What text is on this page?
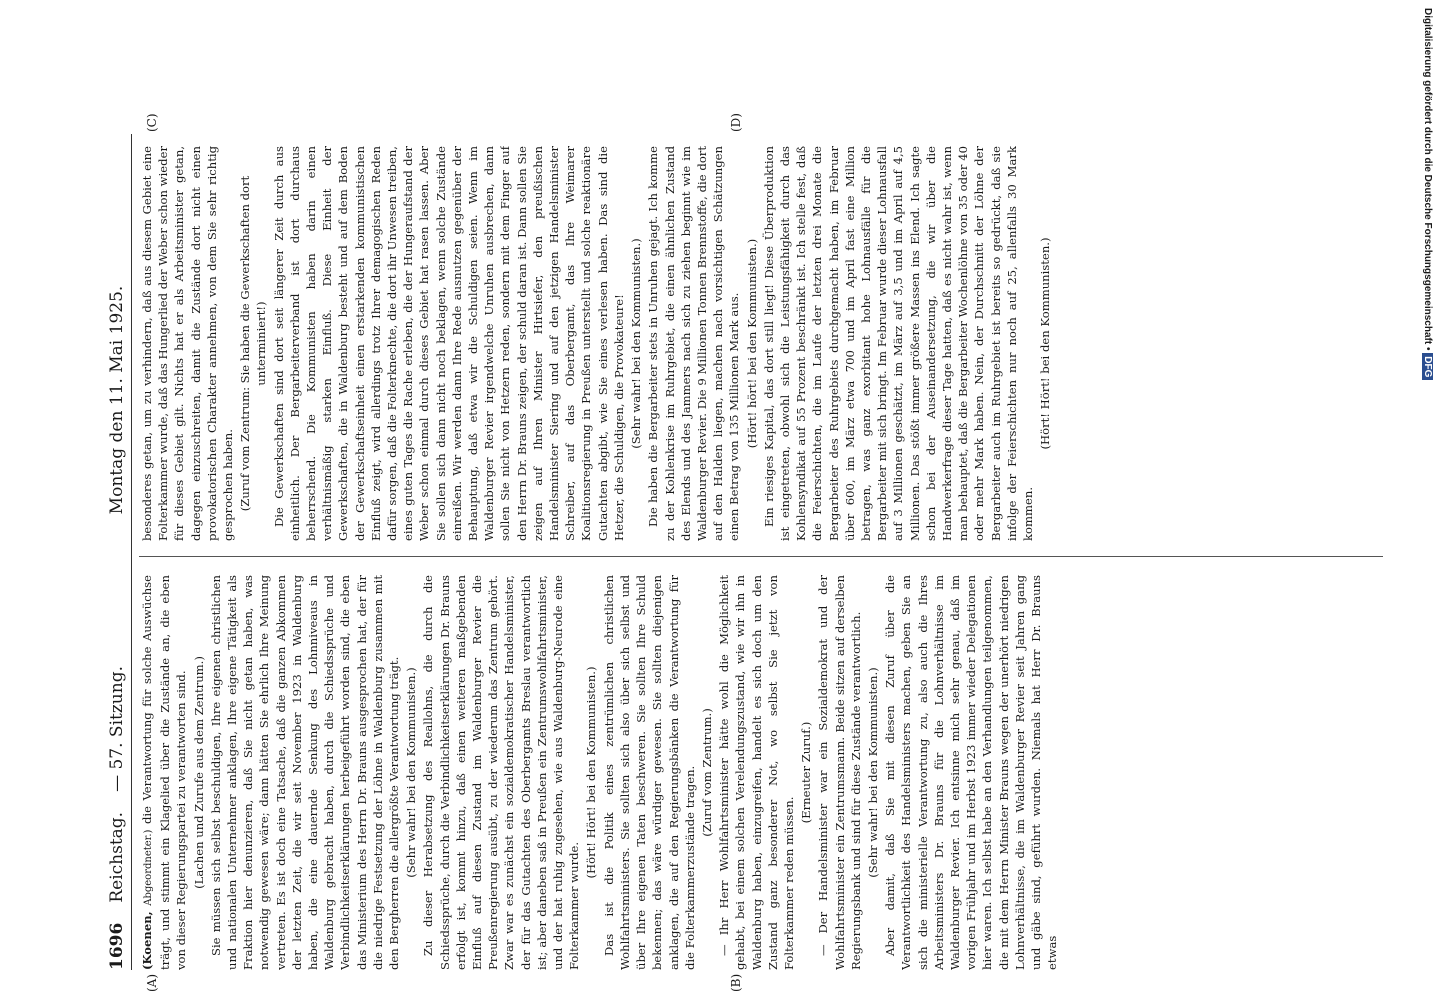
1696
Reichstag.
— 57. Sitzung.
Montag den 11. Mai 1925.
(A)	(B)
(C)	(D)

(Koenen, Abgeordneter.) die Verantwortung für solche Auswüchse trägt, und stimmt ein Klagelied über die Zustände an, die eben von dieser Regierungspartei zu verantworten sind. (Lachen und Zurufe aus dem Zentrum.) Sie müssen sich selbst beschuldigen, Ihre eigenen christlichen und nationalen Unternehmer anklagen, Ihre eigene Tätigkeit als Fraktion hier denunzieren, daß Sie nicht getan haben, was notwendig gewesen wäre; dann hätten Sie ehrlich Ihre Meinung vertreten. Es ist doch eine Tatsache, daß die ganzen Abkommen der letzten Zeit, die wir seit November 1923 in Waldenburg haben, die eine dauernde Senkung des Lohnniveaus in Waldenburg gebracht haben, durch die Schiedssprüche und Verbindlichkeitserklärungen herbeigeführt worden sind, die eben das Ministerium des Herrn Dr. Brauns ausgesprochen hat, der für die niedrige Festsetzung der Löhne in Waldenburg zusammen mit den Bergherren die allergrößte Verantwortung trägt. (Sehr wahr! bei den Kommunisten.) Zu dieser Herabsetzung des Reallohns, die durch die Schiedssprüche, durch die Verbindlichkeitserklärungen Dr. Brauns erfolgt ist, kommt hinzu, daß einen weiteren maßgebenden Einfluß auf diesen Zustand im Waldenburger Revier die Preußenregierung ausübt, zu der wiederum das Zentrum gehört. Zwar war es zunächst ein sozialdemokratischer Handelsminister, der für das Gutachten des Oberbergamts Breslau verantwortlich ist; aber daneben saß in Preußen ein Zentrumswohlfahrtsminister, und der hat ruhig zugesehen, wie aus Waldenburg-Neurode eine Folterkammer wurde.

(Hört! Hört! bei den Kommunisten.) Das ist die Politik eines zentrümlichen christlichen Wohlfahrtsministers. Sie sollten sich also über sich selbst und über Ihre eigenen Taten beschweren. Sie sollten Ihre Schuld bekennen; das wäre würdiger gewesen. Sie sollten diejenigen anklagen, die auf den Regierungsbänken die Verantwortung für die Folterkammerzustände tragen. (Zuruf vom Zentrum.) — Ihr Herr Wohlfahrtsminister hätte wohl die Möglichkeit gehabt, bei einem solchen Verelendungszustand, wie wir ihn in Waldenburg haben, einzugreifen, handelt es sich doch um den Zustand ganz besonderer Not, wo selbst Sie jetzt von Folterkammer reden müssen.

(Erneuter Zuruf.) — Der Handelsminister war ein Sozialdemokrat und der Wohlfahrtsminister ein Zentrumsmann. Beide sitzen auf derselben Regierungsbank und sind für diese Zustände verantwortlich. (Sehr wahr! bei den Kommunisten.) Aber damit, daß Sie mit diesen Zuruf über die Verantwortlichkeit des Handelsministers machen, geben Sie an sich die ministerielle Verantwortung zu, also auch die Ihres Arbeitsministers Dr. Brauns für die Lohnverhältnisse im Waldenburger Revier. Ich entsinne mich sehr genau, daß im vorigen Frühjahr und im Herbst 1923 immer wieder Delegationen hier waren. Ich selbst habe an den Verhandlungen teilgenommen, die mit dem Herrn Minister Brauns wegen der unerhört niedrigen Lohnverhältnisse, die im Waldenburger Revier seit Jahren gang und gäbe sind, geführt wurden. Niemals hat Herr Dr. Brauns etwas

besonderes getan, um zu verhindern, daß aus diesem Gebiet eine Folterkammer wurde, daß das Hungerlied der Weber schon wieder für dieses Gebiet gilt. Nichts hat er als Arbeitsminister getan, dagegen einzuschreiten, damit die Zustände dort nicht einen provokatorischen Charakter annehmen, von dem Sie sehr richtig gesprochen haben. (Zuruf vom Zentrum: Sie haben die Gewerkschaften dort unterminiert!) Die Gewerkschaften sind dort seit längerer Zeit durch aus einheitlich. Der Bergarbeiterverband ist dort durchaus beherrschend. Die Kommunisten haben darin einen verhältnismäßig starken Einfluß. Diese Einheit der Gewerkschaften, die in Waldenburg besteht und auf dem Boden der Gewerkschaftseinheit einen erstarkenden kommunistischen Einfluß zeigt, wird allerdings trotz Ihrer demagogischen Reden dafür sorgen, daß die Folterknechte, die dort ihr Unwesen treiben, eines guten Tages die Rache erleben, die der Hungeraufstand der Weber schon einmal durch dieses Gebiet hat rasen lassen. Aber Sie sollen sich dann nicht noch beklagen, wenn solche Zustände einreißen. Wir werden dann Ihre Rede ausnutzen gegenüber der Behauptung, daß etwa wir die Schuldigen seien. Wenn im Waldenburger Revier irgendwelche Unruhen ausbrechen, dann sollen Sie nicht von Hetzern reden, sondern mit dem Finger auf den Herrn Dr. Brauns zeigen, der schuld daran ist. Dann sollen Sie zeigen auf Ihren Minister Hirtsiefer, den preußischen Handelsminister Siering und auf den jetzigen Handelsminister Schreiber, auf das Oberbergamt, das Ihre Weimarer Koalitionsregierung in Preußen unterstellt und solche reaktionäre Gutachten abgibt, wie Sie eines verlesen haben. Das sind die Hetzer, die Schuldigen, die Provokateure! (Sehr wahr! bei den Kommunisten.) Die haben die Bergarbeiter stets in Unruhen gejagt. Ich komme zu der Kohlenkrise im Ruhrgebiet, die einen ähnlichen Zustand des Elends und des Jammers nach sich zu ziehen beginnt wie im Waldenburger Revier. Die 9 Millionen Tonnen Brennstoffe, die dort auf den Halden liegen, machen nach vorsichtigen Schätzungen einen Betrag von 135 Millionen Mark aus. (Hört! hört! bei den Kommunisten.) Ein riesiges Kapital, das dort still liegt! Diese Überproduktion ist eingetreten, obwohl sich die Leistungsfähigkeit durch das Kohlensyndikat auf 55 Prozent beschränkt ist. Ich stelle fest, daß die Feierschichten, die im Laufe der letzten drei Monate die Bergarbeiter des Ruhrgebiets durchgemacht haben, im Februar über 600, im März etwa 700 und im April fast eine Million betragen, was ganz exorbitant hohe Lohnausfälle für die Bergarbeiter mit sich bringt. Im Februar wurde dieser Lohnausfall auf 3 Millionen geschätzt, im März auf 3,5 und im April auf 4,5 Millionen. Das stößt immer größere Massen ins Elend. Ich sagte schon bei der Auseinandersetzung, die wir über die Handwerkerfrage dieser Tage hatten, daß es nicht wahr ist, wenn man behauptet, daß die Bergarbeiter Wochenlöhne von 35 oder 40 oder mehr Mark haben. Nein, der Durchschnitt der Löhne der Bergarbeiter auch im Ruhrgebiet ist bereits so gedrückt, daß sie infolge der Feierschichten nur noch auf 25, allenfalls 30 Mark kommen.

(Hört! Hört! bei den Kommunisten.)	Digitalisierung gefördert durch die Deutsche Forschungsgemeinschaft • DFG
